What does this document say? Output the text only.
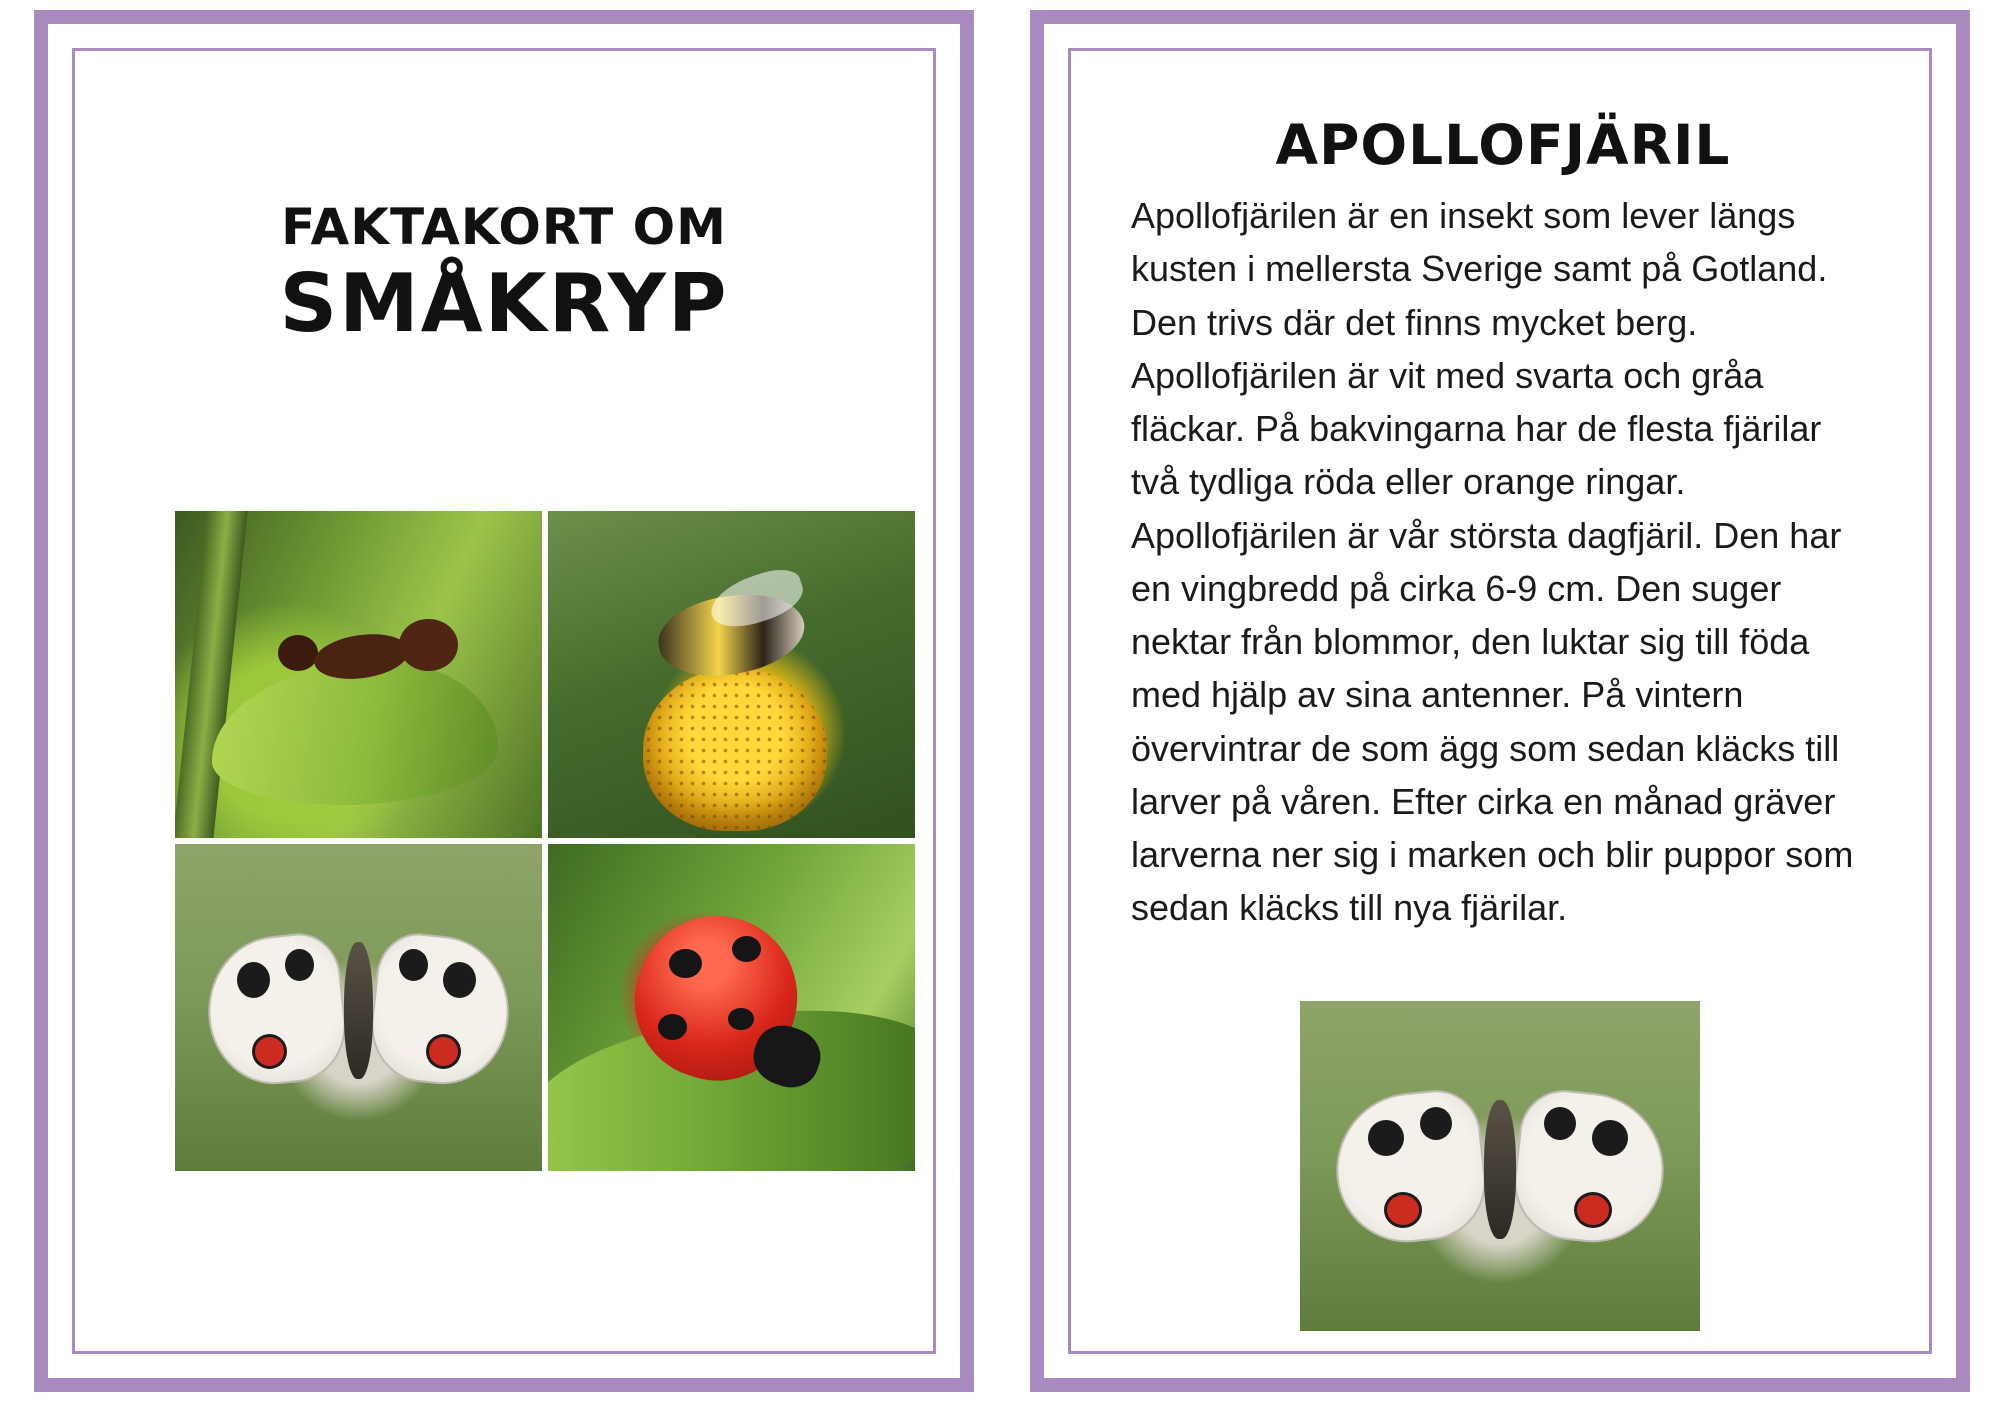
FAKTAKORT OM
SMÅKRYP
APOLLOFJÄRIL

Apollofjärilen är en insekt som lever längs kusten i mellersta Sverige samt på Gotland. Den trivs där det finns mycket berg. Apollofjärilen är vit med svarta och gråa fläckar. På bakvingarna har de flesta fjärilar två tydliga röda eller orange ringar. Apollofjärilen är vår största dagfjäril. Den har en vingbredd på cirka 6-9 cm. Den suger nektar från blommor, den luktar sig till föda med hjälp av sina antenner. På vintern övervintrar de som ägg som sedan kläcks till larver på våren. Efter cirka en månad gräver larverna ner sig i marken och blir puppor som sedan kläcks till nya fjärilar.
